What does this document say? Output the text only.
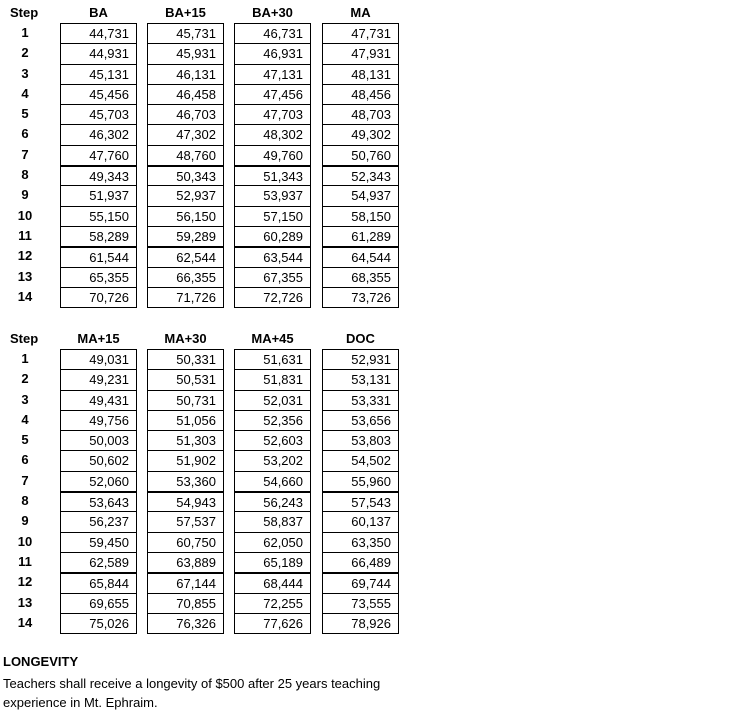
Step
1
2
3
4
5
6
7
8
9
10
11
12
13
14
BA
44,731
44,931
45,131
45,456
45,703
46,302
47,760
49,343
51,937
55,150
58,289
61,544
65,355
70,726
BA+15
45,731
45,931
46,131
46,458
46,703
47,302
48,760
50,343
52,937
56,150
59,289
62,544
66,355
71,726
BA+30
46,731
46,931
47,131
47,456
47,703
48,302
49,760
51,343
53,937
57,150
60,289
63,544
67,355
72,726
MA
47,731
47,931
48,131
48,456
48,703
49,302
50,760
52,343
54,937
58,150
61,289
64,544
68,355
73,726
Step
1
2
3
4
5
6
7
8
9
10
11
12
13
14
MA+15
49,031
49,231
49,431
49,756
50,003
50,602
52,060
53,643
56,237
59,450
62,589
65,844
69,655
75,026
MA+30
50,331
50,531
50,731
51,056
51,303
51,902
53,360
54,943
57,537
60,750
63,889
67,144
70,855
76,326
MA+45
51,631
51,831
52,031
52,356
52,603
53,202
54,660
56,243
58,837
62,050
65,189
68,444
72,255
77,626
DOC
52,931
53,131
53,331
53,656
53,803
54,502
55,960
57,543
60,137
63,350
66,489
69,744
73,555
78,926
LONGEVITY
Teachers shall receive a longevity of $500 after 25 years teaching experience in Mt. Ephraim.
